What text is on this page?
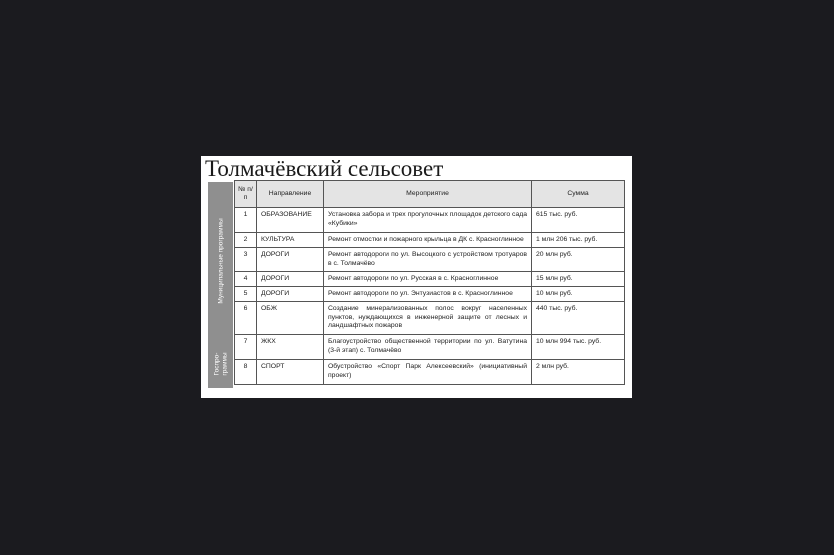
Толмачёвский сельсовет
Муниципальные программы
Госпро-граммы
№ п/п	Направление	Мероприятие	Сумма
1	ОБРАЗОВАНИЕ	Установка забора и трех прогулочных площадок детского сада «Кубики»	615 тыс. руб.
2	КУЛЬТУРА	Ремонт отмостки и пожарного крыльца в ДК с. Красноглинное	1 млн 206 тыс. руб.
3	ДОРОГИ	Ремонт автодороги по ул. Высоцкого с устройством тротуаров в с. Толмачёво	20 млн руб.
4	ДОРОГИ	Ремонт автодороги по ул. Русская в с. Красноглинное	15 млн руб.
5	ДОРОГИ	Ремонт автодороги по ул. Энтузиастов в с. Красноглинное	10 млн руб.
6	ОБЖ	Создание минерализованных полос вокруг населенных пунктов, нуждающихся в инженерной защите от лесных и ландшафтных пожаров	440 тыс. руб.
7	ЖКХ	Благоустройство общественной территории по ул. Ватутина (3-й этап) с. Толмачёво	10 млн 994 тыс. руб.
8	СПОРТ	Обустройство «Спорт Парк Алексеевский» (инициативный проект)	2 млн руб.
